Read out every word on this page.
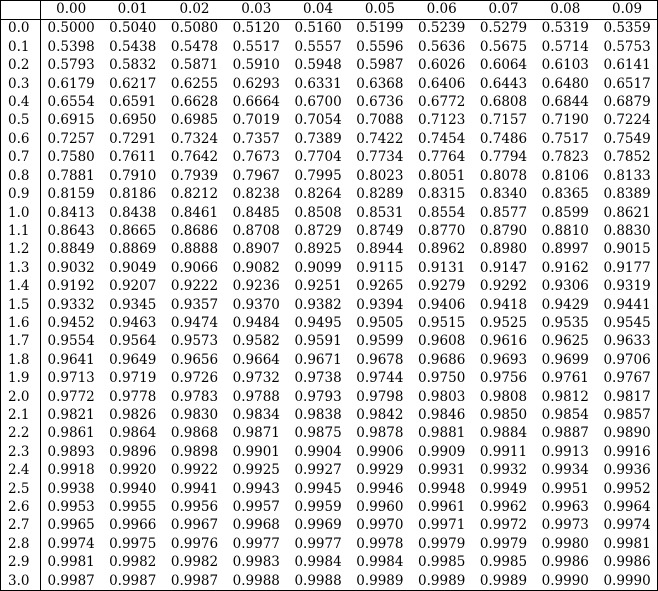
	0.00	0.01	0.02	0.03	0.04	0.05	0.06	0.07	0.08	0.09
0.0	0.5000	0.5040	0.5080	0.5120	0.5160	0.5199	0.5239	0.5279	0.5319	0.5359
0.1	0.5398	0.5438	0.5478	0.5517	0.5557	0.5596	0.5636	0.5675	0.5714	0.5753
0.2	0.5793	0.5832	0.5871	0.5910	0.5948	0.5987	0.6026	0.6064	0.6103	0.6141
0.3	0.6179	0.6217	0.6255	0.6293	0.6331	0.6368	0.6406	0.6443	0.6480	0.6517
0.4	0.6554	0.6591	0.6628	0.6664	0.6700	0.6736	0.6772	0.6808	0.6844	0.6879
0.5	0.6915	0.6950	0.6985	0.7019	0.7054	0.7088	0.7123	0.7157	0.7190	0.7224
0.6	0.7257	0.7291	0.7324	0.7357	0.7389	0.7422	0.7454	0.7486	0.7517	0.7549
0.7	0.7580	0.7611	0.7642	0.7673	0.7704	0.7734	0.7764	0.7794	0.7823	0.7852
0.8	0.7881	0.7910	0.7939	0.7967	0.7995	0.8023	0.8051	0.8078	0.8106	0.8133
0.9	0.8159	0.8186	0.8212	0.8238	0.8264	0.8289	0.8315	0.8340	0.8365	0.8389
1.0	0.8413	0.8438	0.8461	0.8485	0.8508	0.8531	0.8554	0.8577	0.8599	0.8621
1.1	0.8643	0.8665	0.8686	0.8708	0.8729	0.8749	0.8770	0.8790	0.8810	0.8830
1.2	0.8849	0.8869	0.8888	0.8907	0.8925	0.8944	0.8962	0.8980	0.8997	0.9015
1.3	0.9032	0.9049	0.9066	0.9082	0.9099	0.9115	0.9131	0.9147	0.9162	0.9177
1.4	0.9192	0.9207	0.9222	0.9236	0.9251	0.9265	0.9279	0.9292	0.9306	0.9319
1.5	0.9332	0.9345	0.9357	0.9370	0.9382	0.9394	0.9406	0.9418	0.9429	0.9441
1.6	0.9452	0.9463	0.9474	0.9484	0.9495	0.9505	0.9515	0.9525	0.9535	0.9545
1.7	0.9554	0.9564	0.9573	0.9582	0.9591	0.9599	0.9608	0.9616	0.9625	0.9633
1.8	0.9641	0.9649	0.9656	0.9664	0.9671	0.9678	0.9686	0.9693	0.9699	0.9706
1.9	0.9713	0.9719	0.9726	0.9732	0.9738	0.9744	0.9750	0.9756	0.9761	0.9767
2.0	0.9772	0.9778	0.9783	0.9788	0.9793	0.9798	0.9803	0.9808	0.9812	0.9817
2.1	0.9821	0.9826	0.9830	0.9834	0.9838	0.9842	0.9846	0.9850	0.9854	0.9857
2.2	0.9861	0.9864	0.9868	0.9871	0.9875	0.9878	0.9881	0.9884	0.9887	0.9890
2.3	0.9893	0.9896	0.9898	0.9901	0.9904	0.9906	0.9909	0.9911	0.9913	0.9916
2.4	0.9918	0.9920	0.9922	0.9925	0.9927	0.9929	0.9931	0.9932	0.9934	0.9936
2.5	0.9938	0.9940	0.9941	0.9943	0.9945	0.9946	0.9948	0.9949	0.9951	0.9952
2.6	0.9953	0.9955	0.9956	0.9957	0.9959	0.9960	0.9961	0.9962	0.9963	0.9964
2.7	0.9965	0.9966	0.9967	0.9968	0.9969	0.9970	0.9971	0.9972	0.9973	0.9974
2.8	0.9974	0.9975	0.9976	0.9977	0.9977	0.9978	0.9979	0.9979	0.9980	0.9981
2.9	0.9981	0.9982	0.9982	0.9983	0.9984	0.9984	0.9985	0.9985	0.9986	0.9986
3.0	0.9987	0.9987	0.9987	0.9988	0.9988	0.9989	0.9989	0.9989	0.9990	0.9990
